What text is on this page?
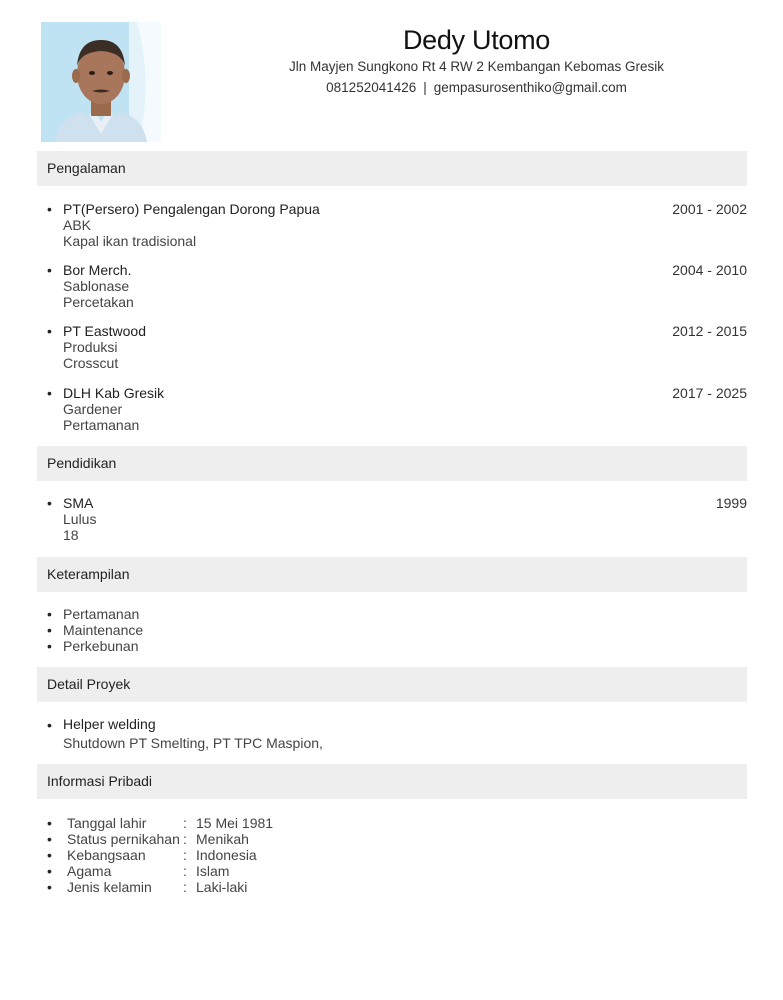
Dedy Utomo
Jln Mayjen Sungkono Rt 4 RW 2 Kembangan Kebomas Gresik
081252041426 | gempasurosenthiko@gmail.com
Pengalaman
• PT(Persero) Pengalengan Dorong Papua
ABK
Kapal ikan tradisional
2001 - 2002
• Bor Merch.
Sablonase
Percetakan
2004 - 2010
• PT Eastwood
Produksi
Crosscut
2012 - 2015
• DLH Kab Gresik
Gardener
Pertamanan
2017 - 2025
Pendidikan
• SMA
Lulus
18
1999
Keterampilan
• Pertamanan
• Maintenance
• Perkebunan
Detail Proyek
• Helper welding
Shutdown PT Smelting, PT TPC Maspion,
Informasi Pribadi
• Tanggal lahir	: 15 Mei 1981
• Status pernikahan : Menikah
• Kebangsaan	: Indonesia
• Agama	: Islam
• Jenis kelamin : Laki-laki
